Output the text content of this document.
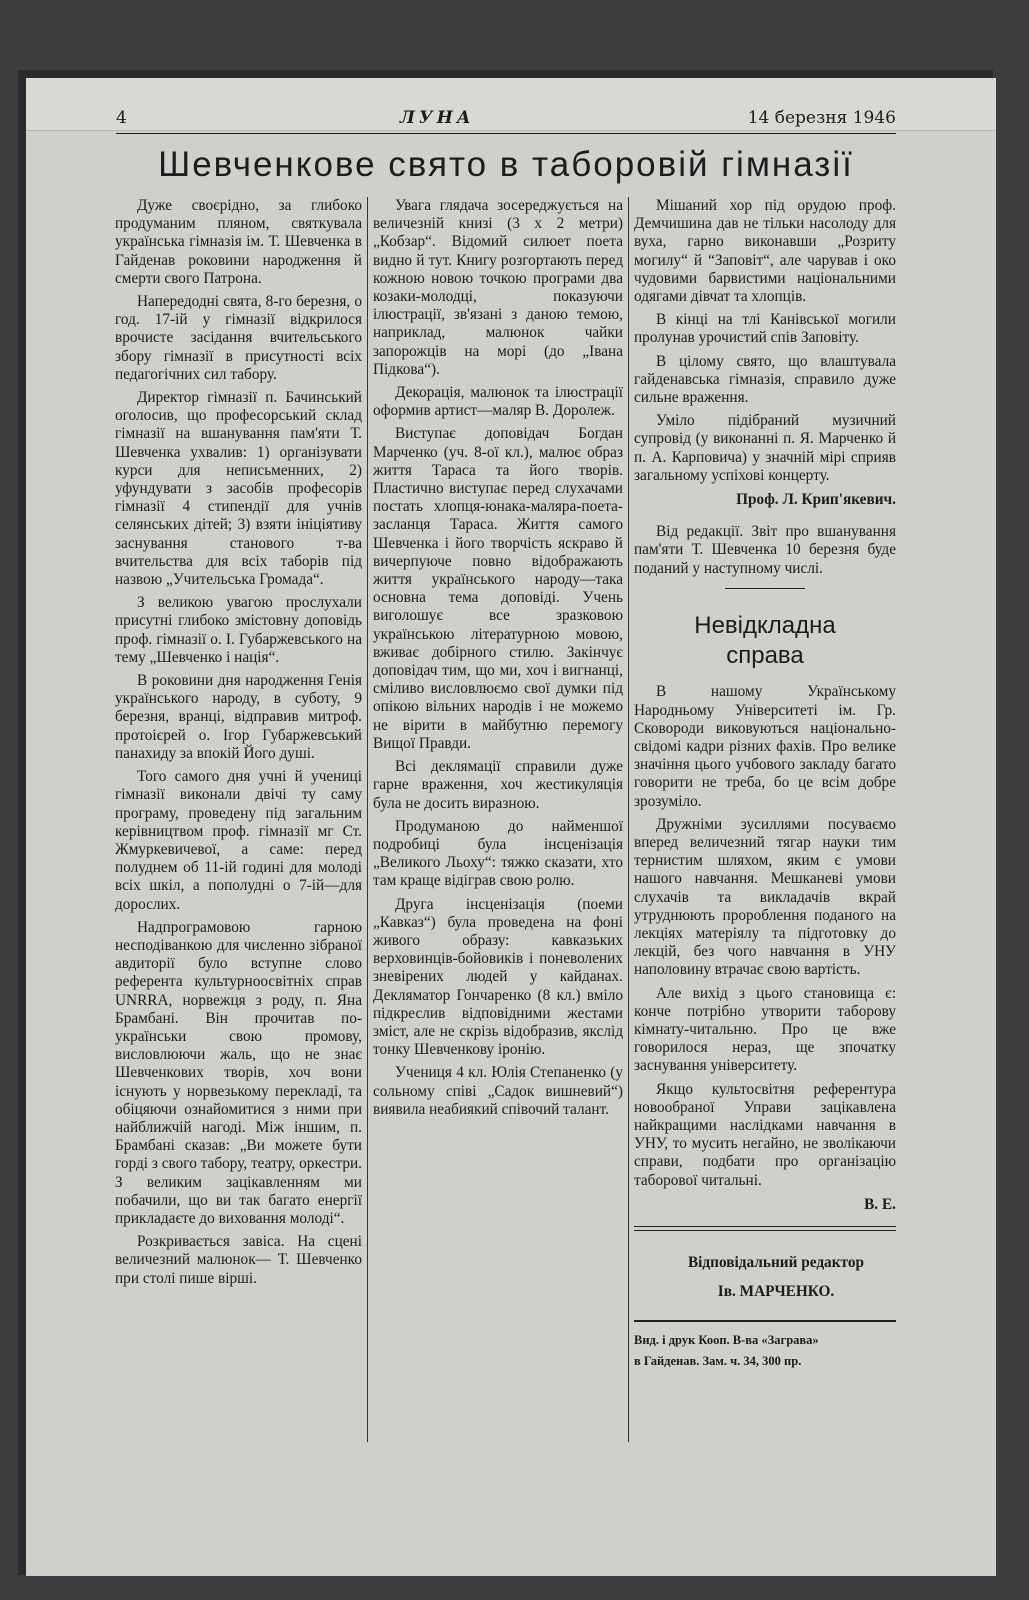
4	ЛУНА	14 березня 1946
Шевченкове свято в таборовій гімназії

Дуже своєрідно, за глибоко продуманим пляном, святкувала українська гімназія ім. Т. Шевченка в Гайденав роковини народження й смерти свого Патрона.

Напередодні свята, 8-го березня, о год. 17-ій у гімназії відкрилося врочисте засідання вчительського збору гімназії в присутності всіх педагогічних сил табору.

Директор гімназії п. Бачинський оголосив, що професорський склад гімназії на вшанування пам'яти Т. Шевченка ухвалив: 1) організувати курси для неписьменних, 2) уфундувати з засобів професорів гімназії 4 стипендії для учнів селянських дітей; 3) взяти ініціятиву заснування станового т-ва вчительства для всіх таборів під назвою „Учительська Громада“.

З великою увагою прослухали присутні глибоко змістовну доповідь проф. гімназії о. І. Губаржевського на тему „Шевченко і нація“.

В роковини дня народження Генія українського народу, в суботу, 9 березня, вранці, відправив митроф. протоієрей о. Ігор Губаржевський панахиду за впокій Його душі.

Того самого дня учні й учениці гімназії виконали двічі ту саму програму, проведену під загальним керівництвом проф. гімназії мг Ст. Жмуркевичевої, а саме: перед полуднем об 11-ій годині для молоді всіх шкіл, а пополудні о 7-ій—для дорослих.

Надпрограмовою гарною несподіванкою для численно зібраної авдиторії було вступне слово референта культурноосвітніх справ UNRRA, норвежця з роду, п. Яна Брамбані. Він прочитав по-українськи свою промову, висловлюючи жаль, що не знає Шевченкових творів, хоч вони існують у норвезькому перекладі, та обіцяючи ознайомитися з ними при найближчій нагоді. Між іншим, п. Брамбані сказав: „Ви можете бути горді з свого табору, театру, оркестри. З великим зацікавленням ми побачили, що ви так багато енергії прикладаєте до виховання молоді“.

Розкривається завіса. На сцені величезний малюнок— Т. Шевченко при столі пише вірші.

Увага глядача зосереджується на величезній книзі (3 х 2 метри) „Кобзар“. Відомий силюет поета видно й тут. Книгу розгортають перед кожною новою точкою програми два козаки-молодці, показуючи ілюстрації, зв'язані з даною темою, наприклад, малюнок чайки запорожців на морі (до „Івана Підкова“).

Декорація, малюнок та ілюстрації оформив артист—маляр В. Доролеж.

Виступає доповідач Богдан Марченко (уч. 8-ої кл.), малює образ життя Тараса та його творів. Пластично виступає перед слухачами постать хлопця-юнака-маляра-поета-засланця Тараса. Життя самого Шевченка і його творчість яскраво й вичерпуюче повно відображають життя українського народу—така основна тема доповіді. Учень виголошує все зразковою українською літературною мовою, вживає добірного стилю. Закінчує доповідач тим, що ми, хоч і вигнанці, сміливо висловлюємо свої думки під опікою вільних народів і не можемо не вірити в майбутню перемогу Вищої Правди.

Всі деклямації справили дуже гарне враження, хоч жестикуляція була не досить виразною.

Продуманою до найменшої подробиці була інсценізація „Великого Льоху“: тяжко сказати, хто там краще відіграв свою ролю.

Друга інсценізація (поеми „Кавказ“) була проведена на фоні живого образу: кавказьких верховинців-бойовиків і поневолених зневірених людей у кайданах. Декляматор Гончаренко (8 кл.) вміло підкреслив відповідними жестами зміст, але не скрізь відобразив, якслід тонку Шевченкову іронію.

Учениця 4 кл. Юлія Степаненко (у сольному співі „Садок вишневий“) виявила неабиякий співочий талант.

Мішаний хор під орудою проф. Демчишина дав не тільки насолоду для вуха, гарно виконавши „Розриту могилу“ й “Заповіт“, але чарував і око чудовими барвистими національними одягами дівчат та хлопців.

В кінці на тлі Канівської могили пролунав урочистий спів Заповіту.

В цілому свято, що влаштувала гайденавська гімназія, справило дуже сильне враження.

Уміло підібраний музичний супровід (у виконанні п. Я. Марченко й п. А. Карповича) у значній мірі сприяв загальному успіхові концерту.

Проф. Л. Крип'якевич.

Від редакції. Звіт про вшанування пам'яти Т. Шевченка 10 березня буде поданий у наступному числі.

Невідкладна
справа

В нашому Українському Народньому Університеті ім. Гр. Сковороди виковуються національно-свідомі кадри різних фахів. Про велике значіння цього учбового закладу багато говорити не треба, бо це всім добре зрозуміло.

Дружніми зусиллями посуваємо вперед величезний тягар науки тим тернистим шляхом, яким є умови нашого навчання. Мешканеві умови слухачів та викладачів вкрай утруднюють пророблення поданого на лекціях матеріялу та підготовку до лекцій, без чого навчання в УНУ наполовину втрачає свою вартість.

Але вихід з цього становища є: конче потрібно утворити таборову кімнату-читальню. Про це вже говорилося нераз, ще зпочатку заснування університету.

Якщо культосвітня референтура новообраної Управи зацікавлена найкращими наслідками навчання в УНУ, то мусить негайно, не зволікаючи справи, подбати про організацію таборової читальні.

В. Е.

Відповідальний редактор

Ів. МАРЧЕНКО.

Вид. і друк Кооп. В-ва «Заграва»

в Гайденав. Зам. ч. 34, 300 пр.
